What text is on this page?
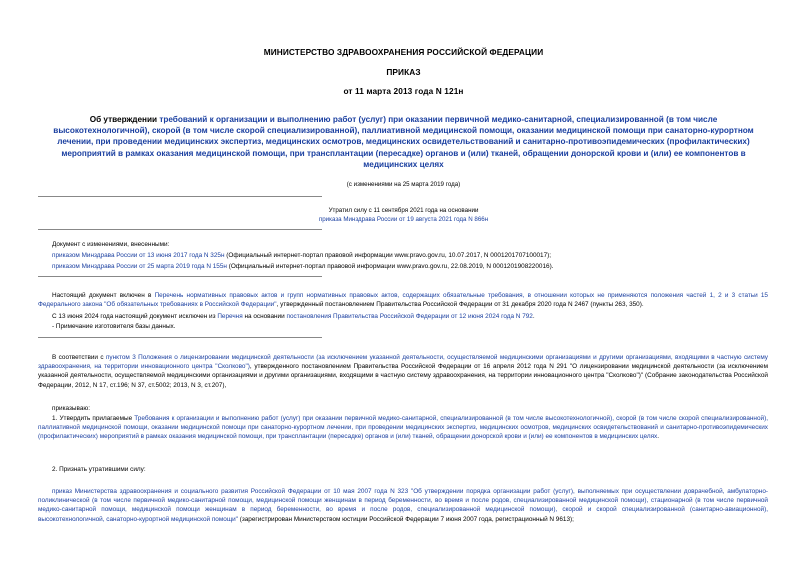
МИНИСТЕРСТВО ЗДРАВООХРАНЕНИЯ РОССИЙСКОЙ ФЕДЕРАЦИИ
ПРИКАЗ
от 11 марта 2013 года N 121н
Об утверждении требований к организации и выполнению работ (услуг) при оказании первичной медико-санитарной, специализированной (в том числе высокотехнологичной), скорой (в том числе скорой специализированной), паллиативной медицинской помощи, оказании медицинской помощи при санаторно-курортном лечении, при проведении медицинских экспертиз, медицинских осмотров, медицинских освидетельствований и санитарно-противоэпидемических (профилактических) мероприятий в рамках оказания медицинской помощи, при трансплантации (пересадке) органов и (или) тканей, обращении донорской крови и (или) ее компонентов в медицинских целях
(с изменениями на 25 марта 2019 года)
Утратил силу с 11 сентября 2021 года на основании
приказа Минздрава России от 19 августа 2021 года N 866н
Документ с изменениями, внесенными:
приказом Минздрава России от 13 июня 2017 года N 325н (Официальный интернет-портал правовой информации www.pravo.gov.ru, 10.07.2017, N 0001201707100017);
приказом Минздрава России от 25 марта 2019 года N 155н (Официальный интернет-портал правовой информации www.pravo.gov.ru, 22.08.2019, N 0001201908220016).
Настоящий документ включен в Перечень нормативных правовых актов и групп нормативных правовых актов, содержащих обязательные требования, в отношении которых не применяются положения частей 1, 2 и 3 статьи 15 Федерального закона "Об обязательных требованиях в Российской Федерации", утвержденный постановлением Правительства Российской Федерации от 31 декабря 2020 года N 2467 (пункты 263, 350).
С 13 июня 2024 года настоящий документ исключен из Перечня на основании постановления Правительства Российской Федерации от 12 июня 2024 года N 792.
- Примечание изготовителя базы данных.
В соответствии с пунктом 3 Положения о лицензировании медицинской деятельности (за исключением указанной деятельности, осуществляемой медицинскими организациями и другими организациями, входящими в частную систему здравоохранения, на территории инновационного центра "Сколково"), утвержденного постановлением Правительства Российской Федерации от 16 апреля 2012 года N 291 "О лицензировании медицинской деятельности (за исключением указанной деятельности, осуществляемой медицинскими организациями и другими организациями, входящими в частную систему здравоохранения, на территории инновационного центра "Сколково")" (Собрание законодательства Российской Федерации, 2012, N 17, ст.196; N 37, ст.5002; 2013, N 3, ст.207),
приказываю:
1. Утвердить прилагаемые Требования к организации и выполнению работ (услуг) при оказании первичной медико-санитарной, специализированной (в том числе высокотехнологичной), скорой (в том числе скорой специализированной), паллиативной медицинской помощи, оказании медицинской помощи при санаторно-курортном лечении, при проведении медицинских экспертиз, медицинских осмотров, медицинских освидетельствований и санитарно-противоэпидемических (профилактических) мероприятий в рамках оказания медицинской помощи, при трансплантации (пересадке) органов и (или) тканей, обращении донорской крови и (или) ее компонентов в медицинских целях.
2. Признать утратившими силу:
приказ Министерства здравоохранения и социального развития Российской Федерации от 10 мая 2007 года N 323 "Об утверждении порядка организации работ (услуг), выполняемых при осуществлении доврачебной, амбулаторно-поликлинической (в том числе первичной медико-санитарной помощи, медицинской помощи женщинам в период беременности, во время и после родов, специализированной медицинской помощи), стационарной (в том числе первичной медико-санитарной помощи, медицинской помощи женщинам в период беременности, во время и после родов, специализированной медицинской помощи), скорой и скорой специализированной (санитарно-авиационной), высокотехнологичной, санаторно-курортной медицинской помощи" (зарегистрирован Министерством юстиции Российской Федерации 7 июня 2007 года, регистрационный N 9613);
